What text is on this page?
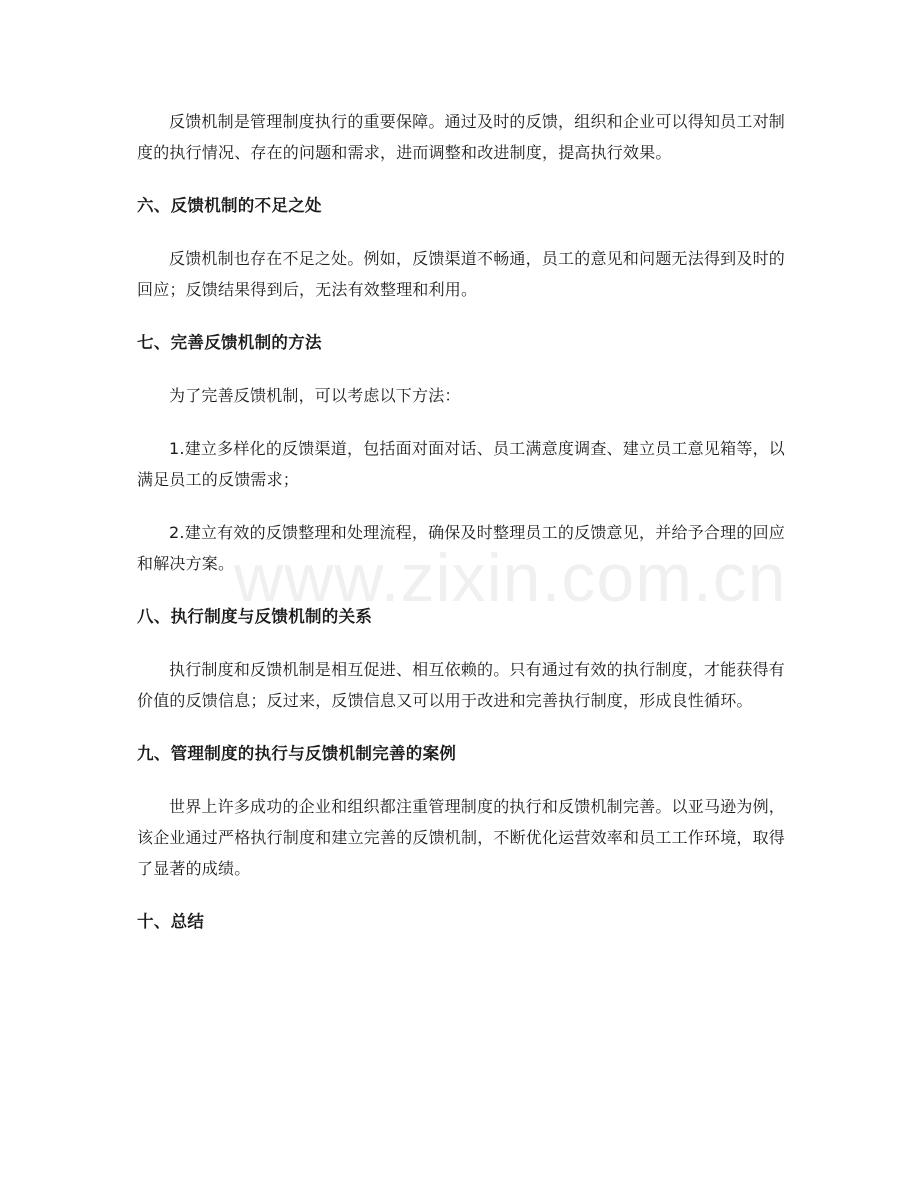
www.zixin.com.cn

反馈机制是管理制度执行的重要保障。通过及时的反馈，组织和企业可以得知员工对制度的执行情况、存在的问题和需求，进而调整和改进制度，提高执行效果。

六、反馈机制的不足之处

反馈机制也存在不足之处。例如，反馈渠道不畅通，员工的意见和问题无法得到及时的回应；反馈结果得到后，无法有效整理和利用。

七、完善反馈机制的方法

为了完善反馈机制，可以考虑以下方法：

1.建立多样化的反馈渠道，包括面对面对话、员工满意度调查、建立员工意见箱等，以满足员工的反馈需求；

2.建立有效的反馈整理和处理流程，确保及时整理员工的反馈意见，并给予合理的回应和解决方案。

八、执行制度与反馈机制的关系

执行制度和反馈机制是相互促进、相互依赖的。只有通过有效的执行制度，才能获得有价值的反馈信息；反过来，反馈信息又可以用于改进和完善执行制度，形成良性循环。

九、管理制度的执行与反馈机制完善的案例

世界上许多成功的企业和组织都注重管理制度的执行和反馈机制完善。以亚马逊为例，该企业通过严格执行制度和建立完善的反馈机制，不断优化运营效率和员工工作环境，取得了显著的成绩。

十、总结
